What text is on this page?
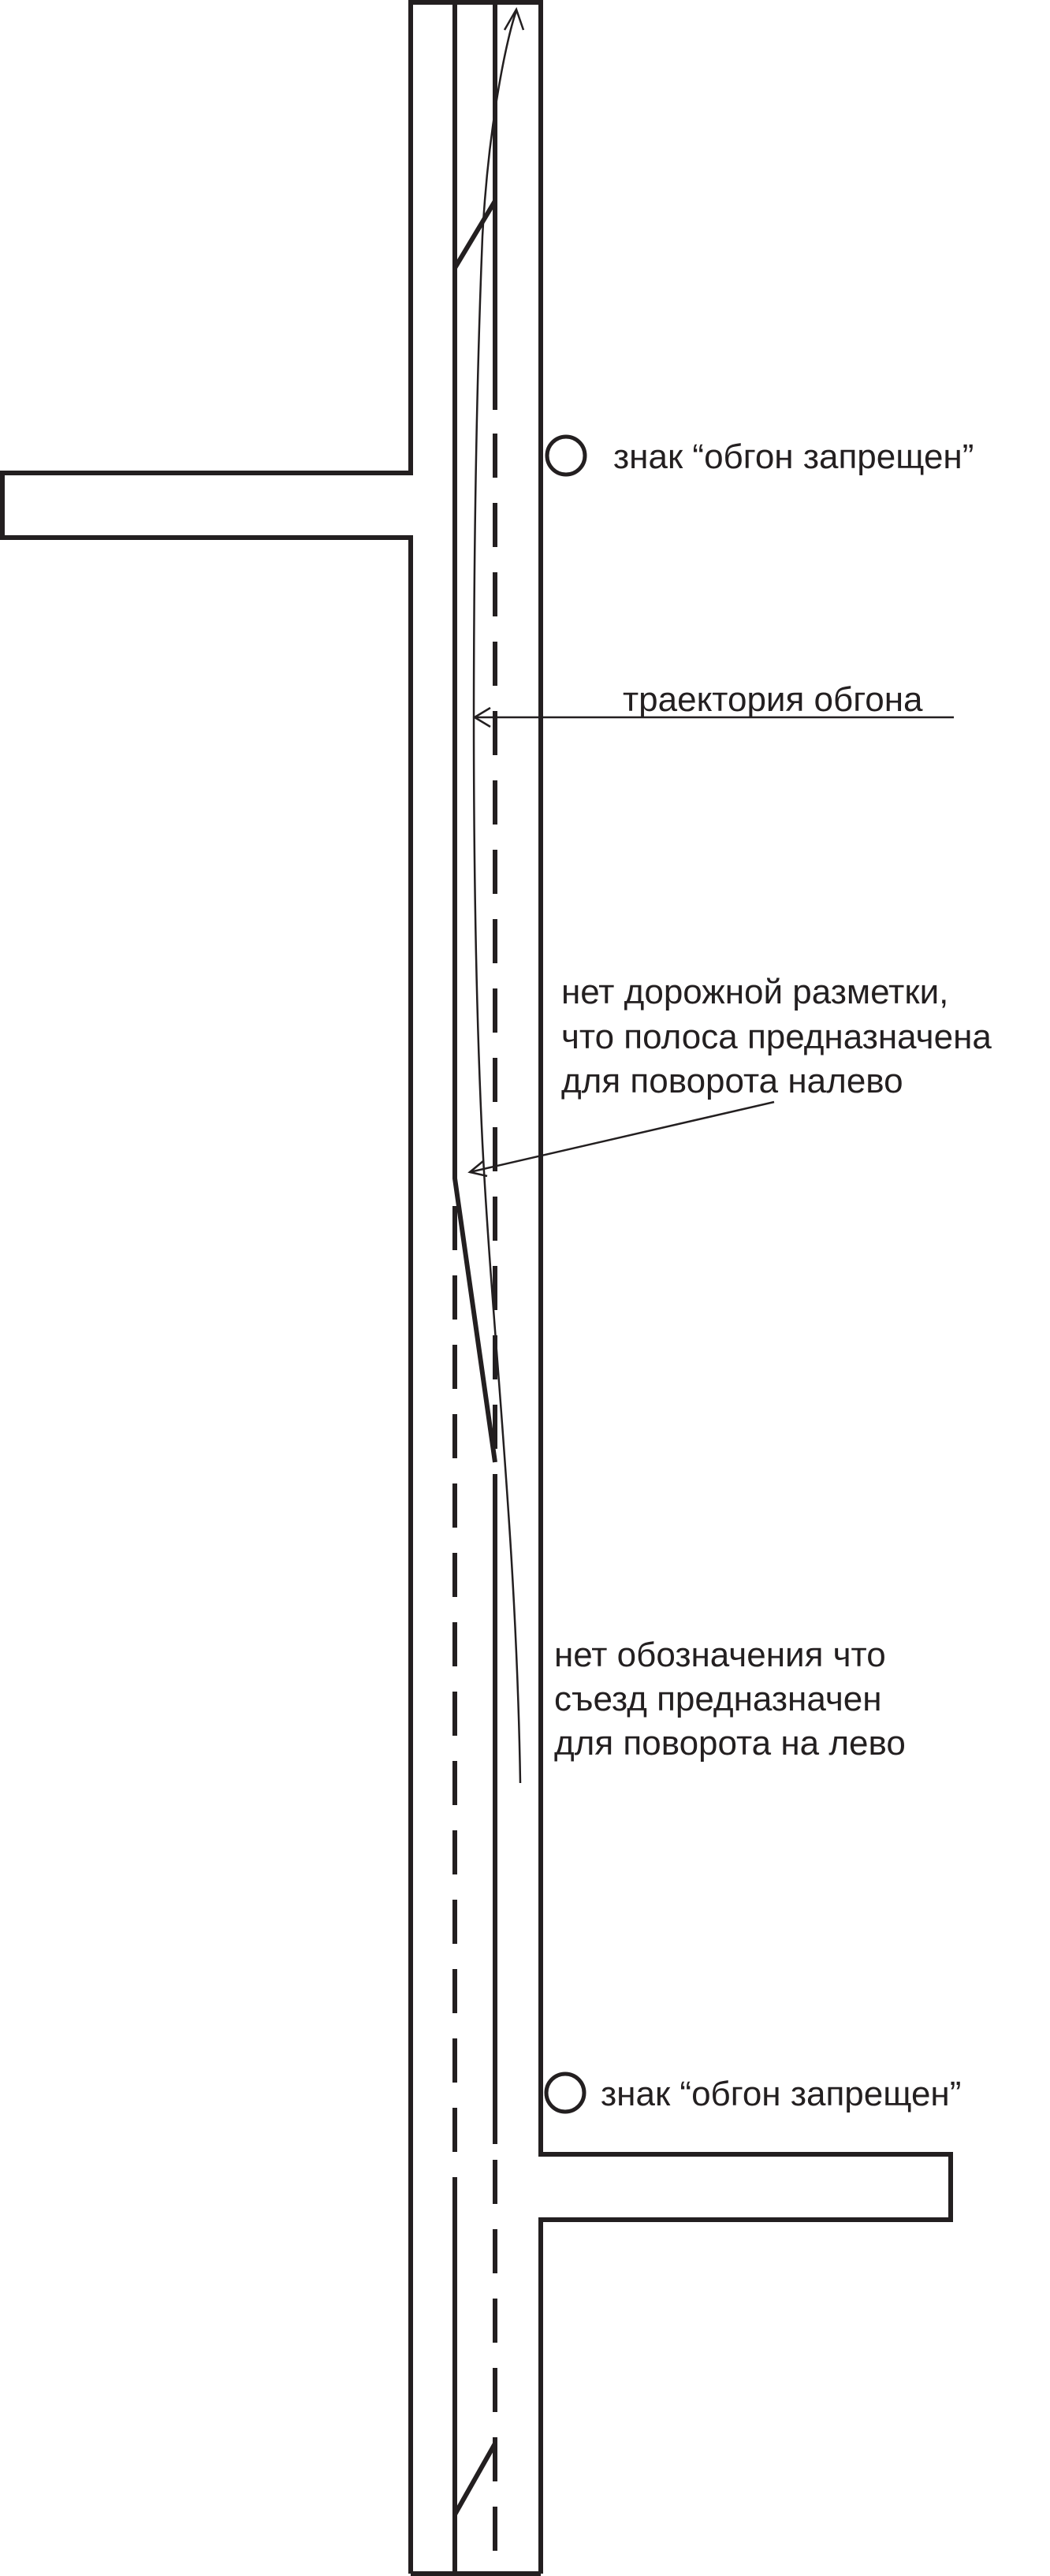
знак “обгон запрещен”
траектория обгона
нет дорожной разметки,
что полоса предназначена
для поворота налево
нет обозначения что
съезд предназначен
для поворота на лево
знак “обгон запрещен”
